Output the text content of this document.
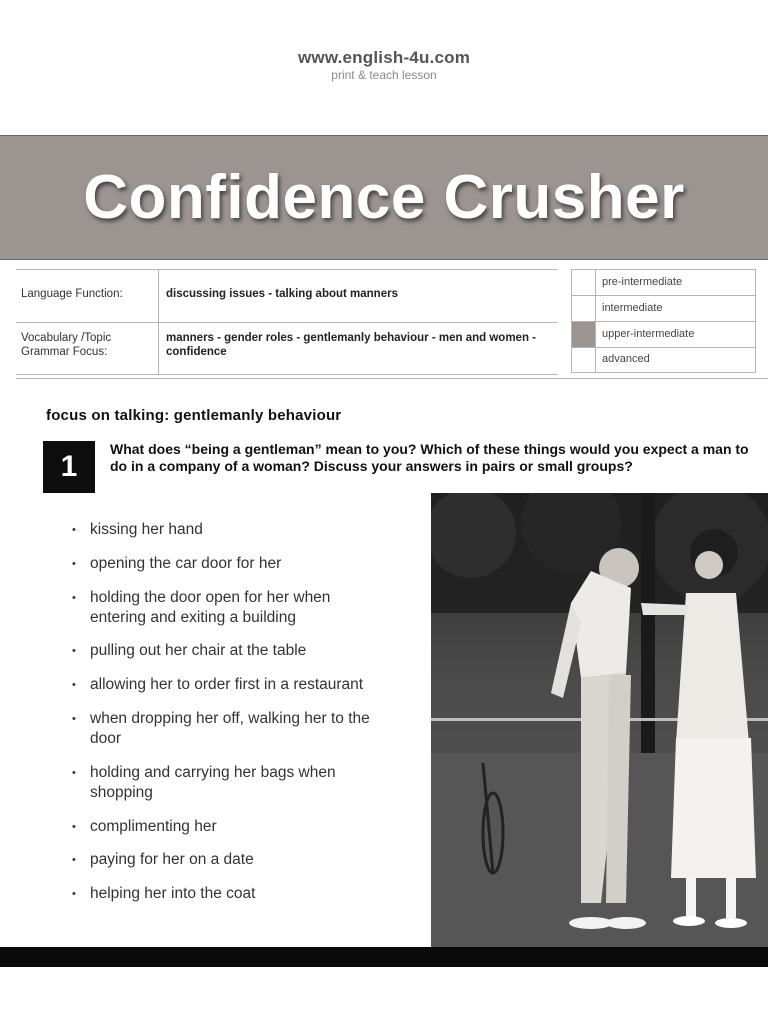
www.english-4u.com
print & teach lesson
Confidence Crusher
Language Function:	discussing issues - talking about manners
Vocabulary /Topic
Grammar Focus:
manners - gender roles - gentlemanly behaviour - men and women - confidence
pre-intermediate
intermediate
upper-intermediate
advanced
focus on talking: gentlemanly behaviour
1
What does “being a gentleman” mean to you? Which of these things would you expect a man to do in a company of a woman? Discuss your answers in pairs or small groups?
• kissing her hand
• opening the car door for her
• holding the door open for her when entering and exiting a building
• pulling out her chair at the table
• allowing her to order first in a restaurant
• when dropping her off, walking her to the door
• holding and carrying her bags when shopping
• complimenting her
• paying for her on a date
• helping her into the coat
